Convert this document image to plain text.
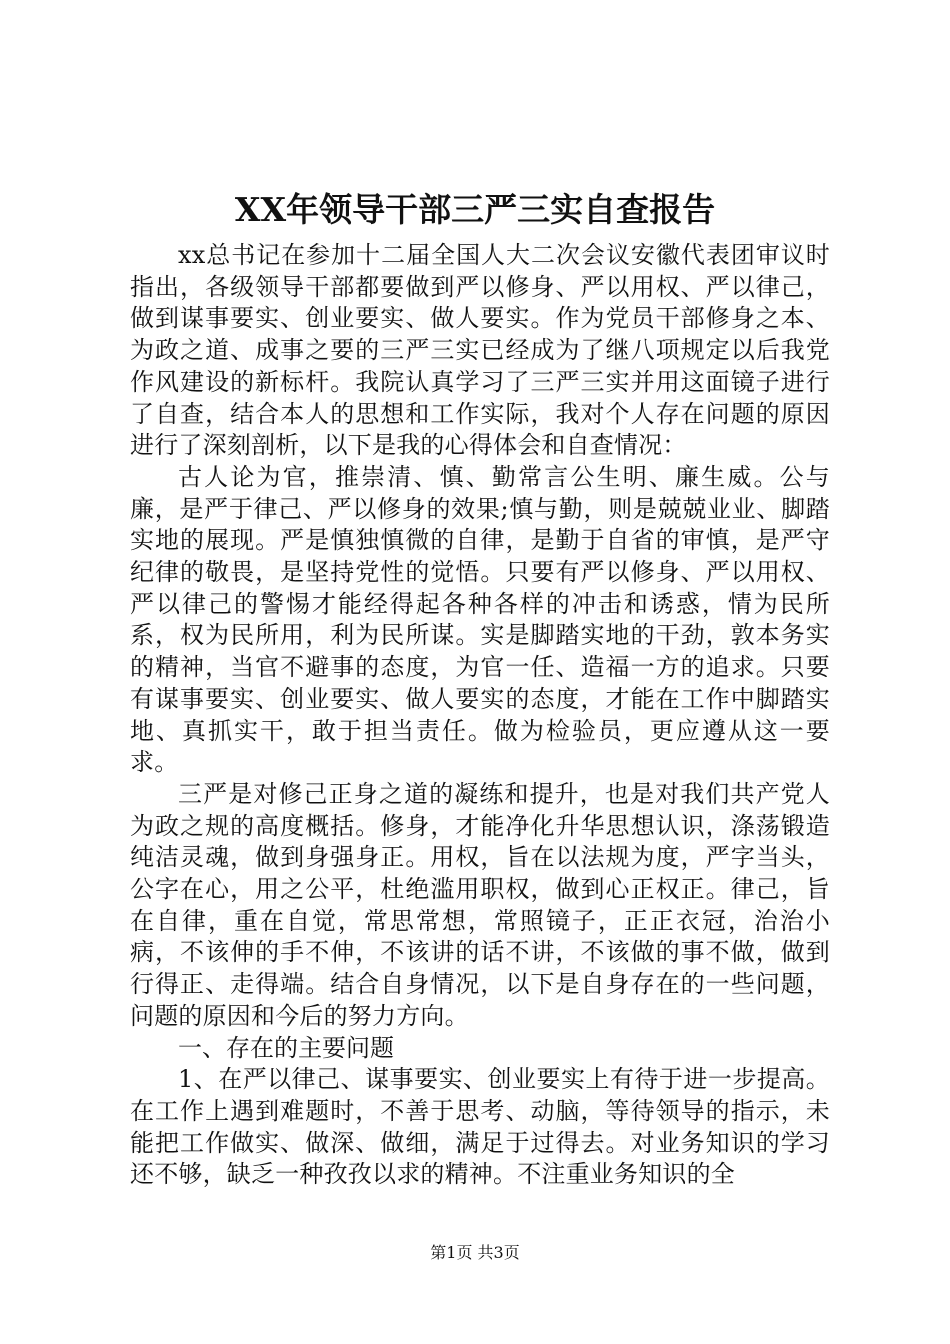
XX年领导干部三严三实自查报告

xx总书记在参加十二届全国人大二次会议安徽代表团审议时指出，各级领导干部都要做到严以修身、严以用权、严以律己，做到谋事要实、创业要实、做人要实。作为党员干部修身之本、为政之道、成事之要的三严三实已经成为了继八项规定以后我党作风建设的新标杆。我院认真学习了三严三实并用这面镜子进行了自查，结合本人的思想和工作实际，我对个人存在问题的原因进行了深刻剖析，以下是我的心得体会和自查情况：

古人论为官，推崇清、慎、勤常言公生明、廉生威。公与廉，是严于律己、严以修身的效果;慎与勤，则是兢兢业业、脚踏实地的展现。严是慎独慎微的自律，是勤于自省的审慎，是严守纪律的敬畏，是坚持党性的觉悟。只要有严以修身、严以用权、严以律己的警惕才能经得起各种各样的冲击和诱惑，情为民所系，权为民所用，利为民所谋。实是脚踏实地的干劲，敦本务实的精神，当官不避事的态度，为官一任、造福一方的追求。只要有谋事要实、创业要实、做人要实的态度，才能在工作中脚踏实地、真抓实干，敢于担当责任。做为检验员，更应遵从这一要求。

三严是对修己正身之道的凝练和提升，也是对我们共产党人为政之规的高度概括。修身，才能净化升华思想认识，涤荡锻造纯洁灵魂，做到身强身正。用权，旨在以法规为度，严字当头，公字在心，用之公平，杜绝滥用职权，做到心正权正。律己，旨在自律，重在自觉，常思常想，常照镜子，正正衣冠，治治小病，不该伸的手不伸，不该讲的话不讲，不该做的事不做，做到行得正、走得端。结合自身情况，以下是自身存在的一些问题，问题的原因和今后的努力方向。

一、存在的主要问题

1、在严以律己、谋事要实、创业要实上有待于进一步提高。在工作上遇到难题时，不善于思考、动脑，等待领导的指示，未能把工作做实、做深、做细，满足于过得去。对业务知识的学习还不够，缺乏一种孜孜以求的精神。不注重业务知识的全

第1页 共3页
